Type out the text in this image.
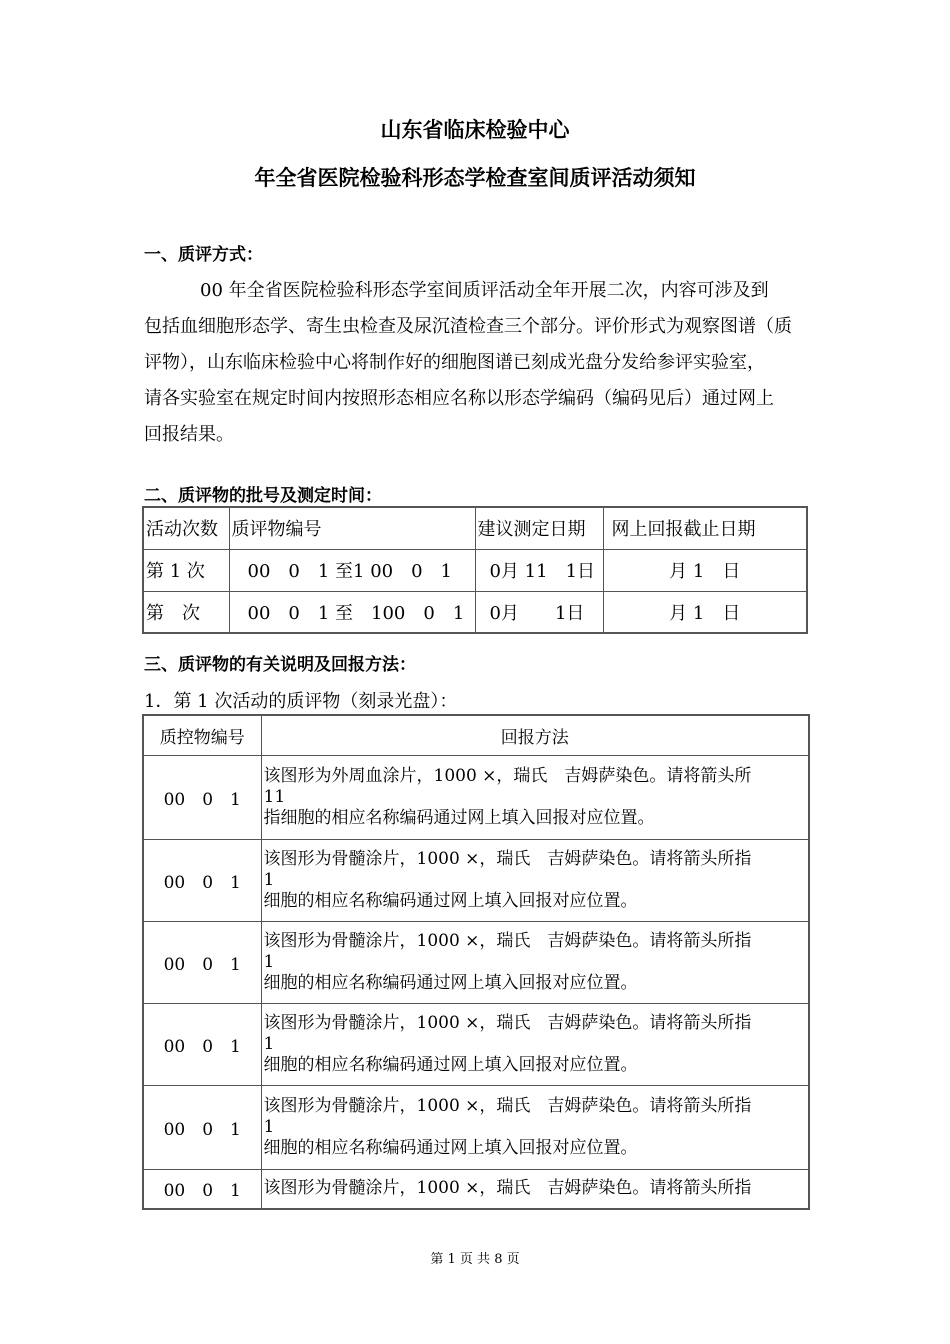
山东省临床检验中心
年全省医院检验科形态学检查室间质评活动须知
一、质评方式：
00 年全省医院检验科形态学室间质评活动全年开展二次，内容可涉及到
包括血细胞形态学、寄生虫检查及尿沉渣检查三个部分。评价形式为观察图谱（质
评物），山东临床检验中心将制作好的细胞图谱已刻成光盘分发给参评实验室，
请各实验室在规定时间内按照形态相应名称以形态学编码（编码见后）通过网上
回报结果。
二、质评物的批号及测定时间：
活动次数	质评物编号	建议测定日期	网上回报截止日期
第 1 次	00　0　1 至1 00　0　1	0月 11　1日	月 1　日
第　次	00　0　1 至　100　0　1	0月　　1日	月 1　日
三、质评物的有关说明及回报方法：
1．第 1 次活动的质评物（刻录光盘）：
质控物编号	回报方法
00　0　1	该图形为外周血涂片，1000 ×，瑞氏　吉姆萨染色。请将箭头所
11
指细胞的相应名称编码通过网上填入回报对应位置。

00　0　1	该图形为骨髓涂片，1000 ×，瑞氏　吉姆萨染色。请将箭头所指
1
细胞的相应名称编码通过网上填入回报对应位置。

00　0　1	该图形为骨髓涂片，1000 ×，瑞氏　吉姆萨染色。请将箭头所指
1
细胞的相应名称编码通过网上填入回报对应位置。

00　0　1	该图形为骨髓涂片，1000 ×，瑞氏　吉姆萨染色。请将箭头所指
1
细胞的相应名称编码通过网上填入回报对应位置。

00　0　1	该图形为骨髓涂片，1000 ×，瑞氏　吉姆萨染色。请将箭头所指
1
细胞的相应名称编码通过网上填入回报对应位置。

00　0　1	该图形为骨髓涂片，1000 ×，瑞氏　吉姆萨染色。请将箭头所指
第 1 页 共 8 页
